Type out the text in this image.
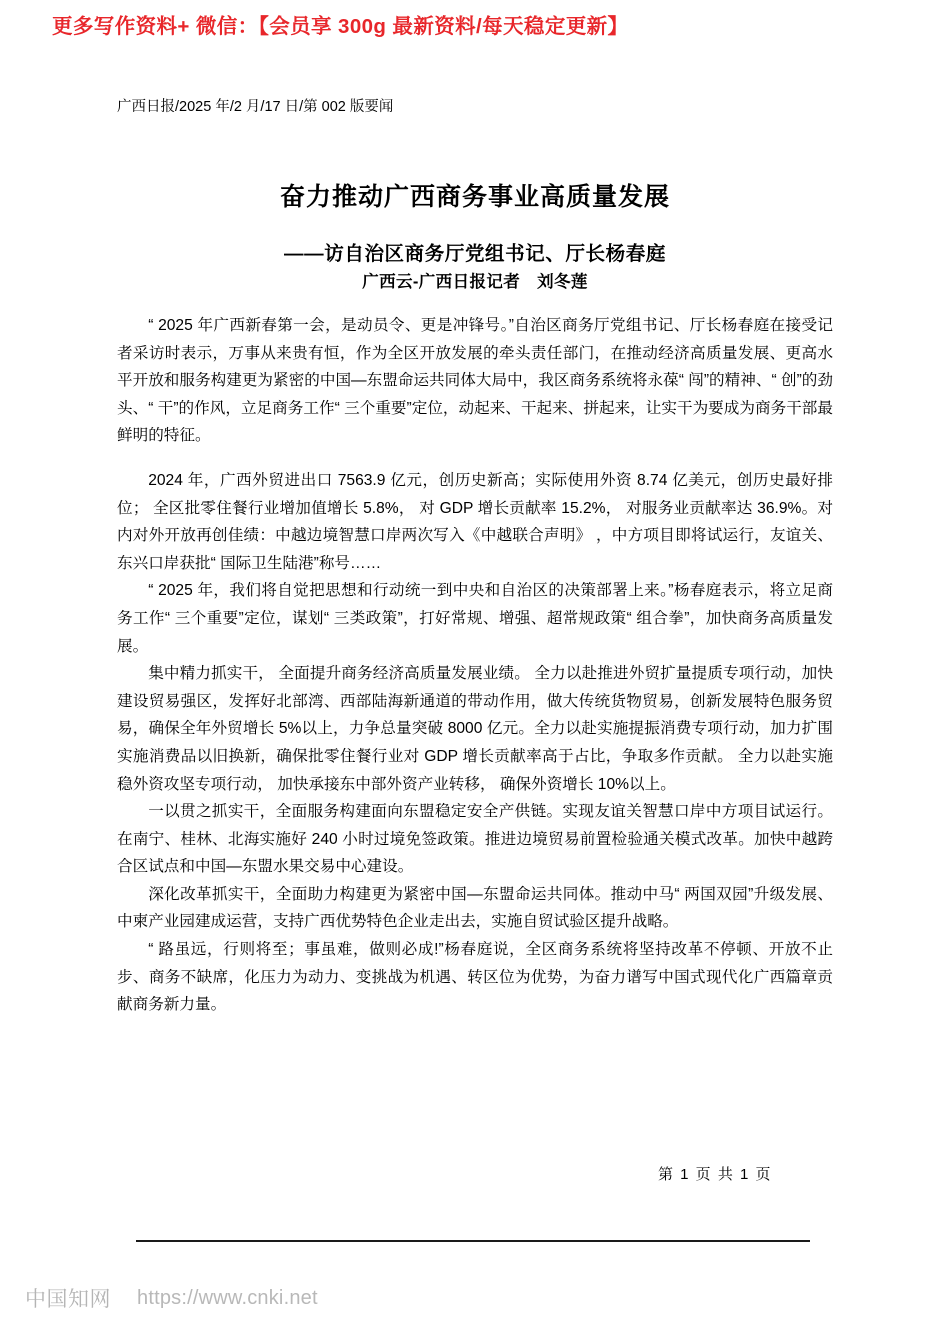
更多写作资料+ 微信：【会员享 300g 最新资料/每天稳定更新】
广西日报/2025 年/2 月/17 日/第 002 版要闻
奋力推动广西商务事业高质量发展
——访自治区商务厅党组书记、厅长杨春庭
广西云-广西日报记者　刘冬莲

“ 2025 年广西新春第一会，是动员令、更是冲锋号。”自治区商务厅党组书记、厅长杨春庭在接受记者采访时表示，万事从来贵有恒，作为全区开放发展的牵头责任部门，在推动经济高质量发展、更高水平开放和服务构建更为紧密的中国—东盟命运共同体大局中，我区商务系统将永葆“ 闯”的精神、“ 创”的劲头、“ 干”的作风，立足商务工作“ 三个重要”定位，动起来、干起来、拼起来，让实干为要成为商务干部最鲜明的特征。

2024 年，广西外贸进出口 7563.9 亿元，创历史新高；实际使用外资 8.74 亿美元，创历史最好排位； 全区批零住餐行业增加值增长 5.8%， 对 GDP 增长贡献率 15.2%， 对服务业贡献率达 36.9%。对内对外开放再创佳绩：中越边境智慧口岸两次写入《中越联合声明》 ，中方项目即将试运行，友谊关、东兴口岸获批“ 国际卫生陆港”称号……

“ 2025 年，我们将自觉把思想和行动统一到中央和自治区的决策部署上来。”杨春庭表示，将立足商务工作“ 三个重要”定位，谋划“ 三类政策”，打好常规、增强、超常规政策“ 组合拳”，加快商务高质量发展。

集中精力抓实干， 全面提升商务经济高质量发展业绩。 全力以赴推进外贸扩量提质专项行动，加快建设贸易强区，发挥好北部湾、西部陆海新通道的带动作用，做大传统货物贸易，创新发展特色服务贸易，确保全年外贸增长 5%以上，力争总量突破 8000 亿元。全力以赴实施提振消费专项行动，加力扩围实施消费品以旧换新，确保批零住餐行业对 GDP 增长贡献率高于占比，争取多作贡献。 全力以赴实施稳外资攻坚专项行动， 加快承接东中部外资产业转移， 确保外资增长 10%以上。

一以贯之抓实干，全面服务构建面向东盟稳定安全产供链。实现友谊关智慧口岸中方项目试运行。在南宁、桂林、北海实施好 240 小时过境免签政策。推进边境贸易前置检验通关模式改革。加快中越跨合区试点和中国—东盟水果交易中心建设。

深化改革抓实干，全面助力构建更为紧密中国—东盟命运共同体。推动中马“ 两国双园”升级发展、中柬产业园建成运营，支持广西优势特色企业走出去，实施自贸试验区提升战略。

“ 路虽远，行则将至；事虽难，做则必成!”杨春庭说，全区商务系统将坚持改革不停顿、开放不止步、商务不缺席，化压力为动力、变挑战为机遇、转区位为优势，为奋力谱写中国式现代化广西篇章贡献商务新力量。

第 1 页 共 1 页
中国知网 https://www.cnki.net
